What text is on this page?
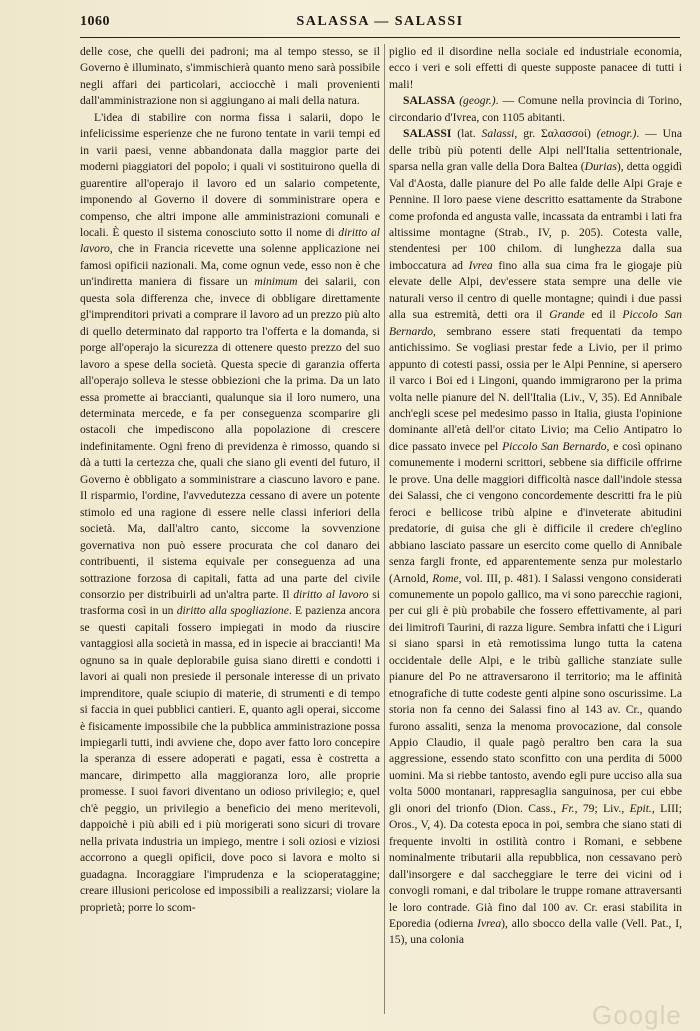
1060	SALASSA — SALASSI

delle cose, che quelli dei padroni; ma al tempo stesso, se il Governo è illuminato, s'immischierà quanto meno sarà possibile negli affari dei particolari, acciocchè i mali provenienti dall'amministrazione non si aggiungano ai mali della natura.

L'idea di stabilire con norma fissa i salarii, dopo le infelicissime esperienze che ne furono tentate in varii tempi ed in varii paesi, venne abbandonata dalla maggior parte dei moderni piaggiatori del popolo; i quali vi sostituirono quella di guarentire all'operajo il lavoro ed un salario competente, imponendo al Governo il dovere di somministrare opera e compenso, che altri impone alle amministrazioni comunali e locali. È questo il sistema conosciuto sotto il nome di diritto al lavoro, che in Francia ricevette una solenne applicazione nei famosi opificii nazionali. Ma, come ognun vede, esso non è che un'indiretta maniera di fissare un minimum dei salarii, con questa sola differenza che, invece di obbligare direttamente gl'imprenditori privati a comprare il lavoro ad un prezzo più alto di quello determinato dal rapporto tra l'offerta e la domanda, si porge all'operajo la sicurezza di ottenere questo prezzo del suo lavoro a spese della società. Questa specie di garanzia offerta all'operajo solleva le stesse obbiezioni che la prima. Da un lato essa promette ai braccianti, qualunque sia il loro numero, una determinata mercede, e fa per conseguenza scomparire gli ostacoli che impediscono alla popolazione di crescere indefinitamente. Ogni freno di previdenza è rimosso, quando si dà a tutti la certezza che, quali che siano gli eventi del futuro, il Governo è obbligato a somministrare a ciascuno lavoro e pane. Il risparmio, l'ordine, l'avvedutezza cessano di avere un potente stimolo ed una ragione di essere nelle classi inferiori della società. Ma, dall'altro canto, siccome la sovvenzione governativa non può essere procurata che col danaro dei contribuenti, il sistema equivale per conseguenza ad una sottrazione forzosa di capitali, fatta ad una parte del civile consorzio per distribuirli ad un'altra parte. Il diritto al lavoro si trasforma così in un diritto alla spogliazione. E pazienza ancora se questi capitali fossero impiegati in modo da riuscire vantaggiosi alla società in massa, ed in ispecie ai braccianti! Ma ognuno sa in quale deplorabile guisa siano diretti e condotti i lavori ai quali non presiede il personale interesse di un privato imprenditore, quale sciupio di materie, di strumenti e di tempo si faccia in quei pubblici cantieri. E, quanto agli operai, siccome è fisicamente impossibile che la pubblica amministrazione possa impiegarli tutti, indi avviene che, dopo aver fatto loro concepire la speranza di essere adoperati e pagati, essa è costretta a mancare, dirimpetto alla maggioranza loro, alle proprie promesse. I suoi favori diventano un odioso privilegio; e, quel ch'è peggio, un privilegio a beneficio dei meno meritevoli, dappoichè i più abili ed i più morigerati sono sicuri di trovare nella privata industria un impiego, mentre i soli oziosi e viziosi accorrono a quegli opificii, dove poco si lavora e molto si guadagna. Incoraggiare l'imprudenza e la scioperataggine; creare illusioni pericolose ed impossibili a realizzarsi; violare la proprietà; porre lo scom-

piglio ed il disordine nella sociale ed industriale economia, ecco i veri e soli effetti di queste supposte panacee di tutti i mali!

SALASSA (geogr.). — Comune nella provincia di Torino, circondario d'Ivrea, con 1105 abitanti.

SALASSI (lat. Salassi, gr. Σαλασσοί) (etnogr.). — Una delle tribù più potenti delle Alpi nell'Italia settentrionale, sparsa nella gran valle della Dora Baltea (Durias), detta oggidì Val d'Aosta, dalle pianure del Po alle falde delle Alpi Graje e Pennine. Il loro paese viene descritto esattamente da Strabone come profonda ed angusta valle, incassata da entrambi i lati fra altissime montagne (Strab., IV, p. 205). Cotesta valle, stendentesi per 100 chilom. di lunghezza dalla sua imboccatura ad Ivrea fino alla sua cima fra le giogaje più elevate delle Alpi, dev'essere stata sempre una delle vie naturali verso il centro di quelle montagne; quindi i due passi alla sua estremità, detti ora il Grande ed il Piccolo San Bernardo, sembrano essere stati frequentati da tempo antichissimo. Se vogliasi prestar fede a Livio, per il primo appunto di cotesti passi, ossia per le Alpi Pennine, si apersero il varco i Boi ed i Lingoni, quando immigrarono per la prima volta nelle pianure del N. dell'Italia (Liv., V, 35). Ed Annibale anch'egli scese pel medesimo passo in Italia, giusta l'opinione dominante all'età dell'or citato Livio; ma Celio Antipatro lo dice passato invece pel Piccolo San Bernardo, e così opinano comunemente i moderni scrittori, sebbene sia difficile offrirne le prove. Una delle maggiori difficoltà nasce dall'indole stessa dei Salassi, che ci vengono concordemente descritti fra le più feroci e bellicose tribù alpine e d'inveterate abitudini predatorie, di guisa che gli è difficile il credere ch'eglino abbiano lasciato passare un esercito come quello di Annibale senza fargli fronte, ed apparentemente senza pur molestarlo (Arnold, Rome, vol. III, p. 481). I Salassi vengono considerati comunemente un popolo gallico, ma vi sono parecchie ragioni, per cui gli è più probabile che fossero effettivamente, al pari dei limitrofi Taurini, di razza ligure. Sembra infatti che i Liguri si siano sparsi in età remotissima lungo tutta la catena occidentale delle Alpi, e le tribù galliche stanziate sulle pianure del Po ne attraversarono il territorio; ma le affinità etnografiche di tutte codeste genti alpine sono oscurissime. La storia non fa cenno dei Salassi fino al 143 av. Cr., quando furono assaliti, senza la menoma provocazione, dal console Appio Claudio, il quale pagò peraltro ben cara la sua aggressione, essendo stato sconfitto con una perdita di 5000 uomini. Ma si riebbe tantosto, avendo egli pure ucciso alla sua volta 5000 montanari, rappresaglia sanguinosa, per cui ebbe gli onori del trionfo (Dion. Cass., Fr., 79; Liv., Epit., LIII; Oros., V, 4). Da cotesta epoca in poi, sembra che siano stati di frequente involti in ostilità contro i Romani, e sebbene nominalmente tributarii alla repubblica, non cessavano però dall'insorgere e dal saccheggiare le terre dei vicini od i convogli romani, e dal tribolare le truppe romane attraversanti le loro contrade. Già fino dal 100 av. Cr. erasi stabilita in Eporedia (odierna Ivrea), allo sbocco della valle (Vell. Pat., I, 15), una colonia

Google
